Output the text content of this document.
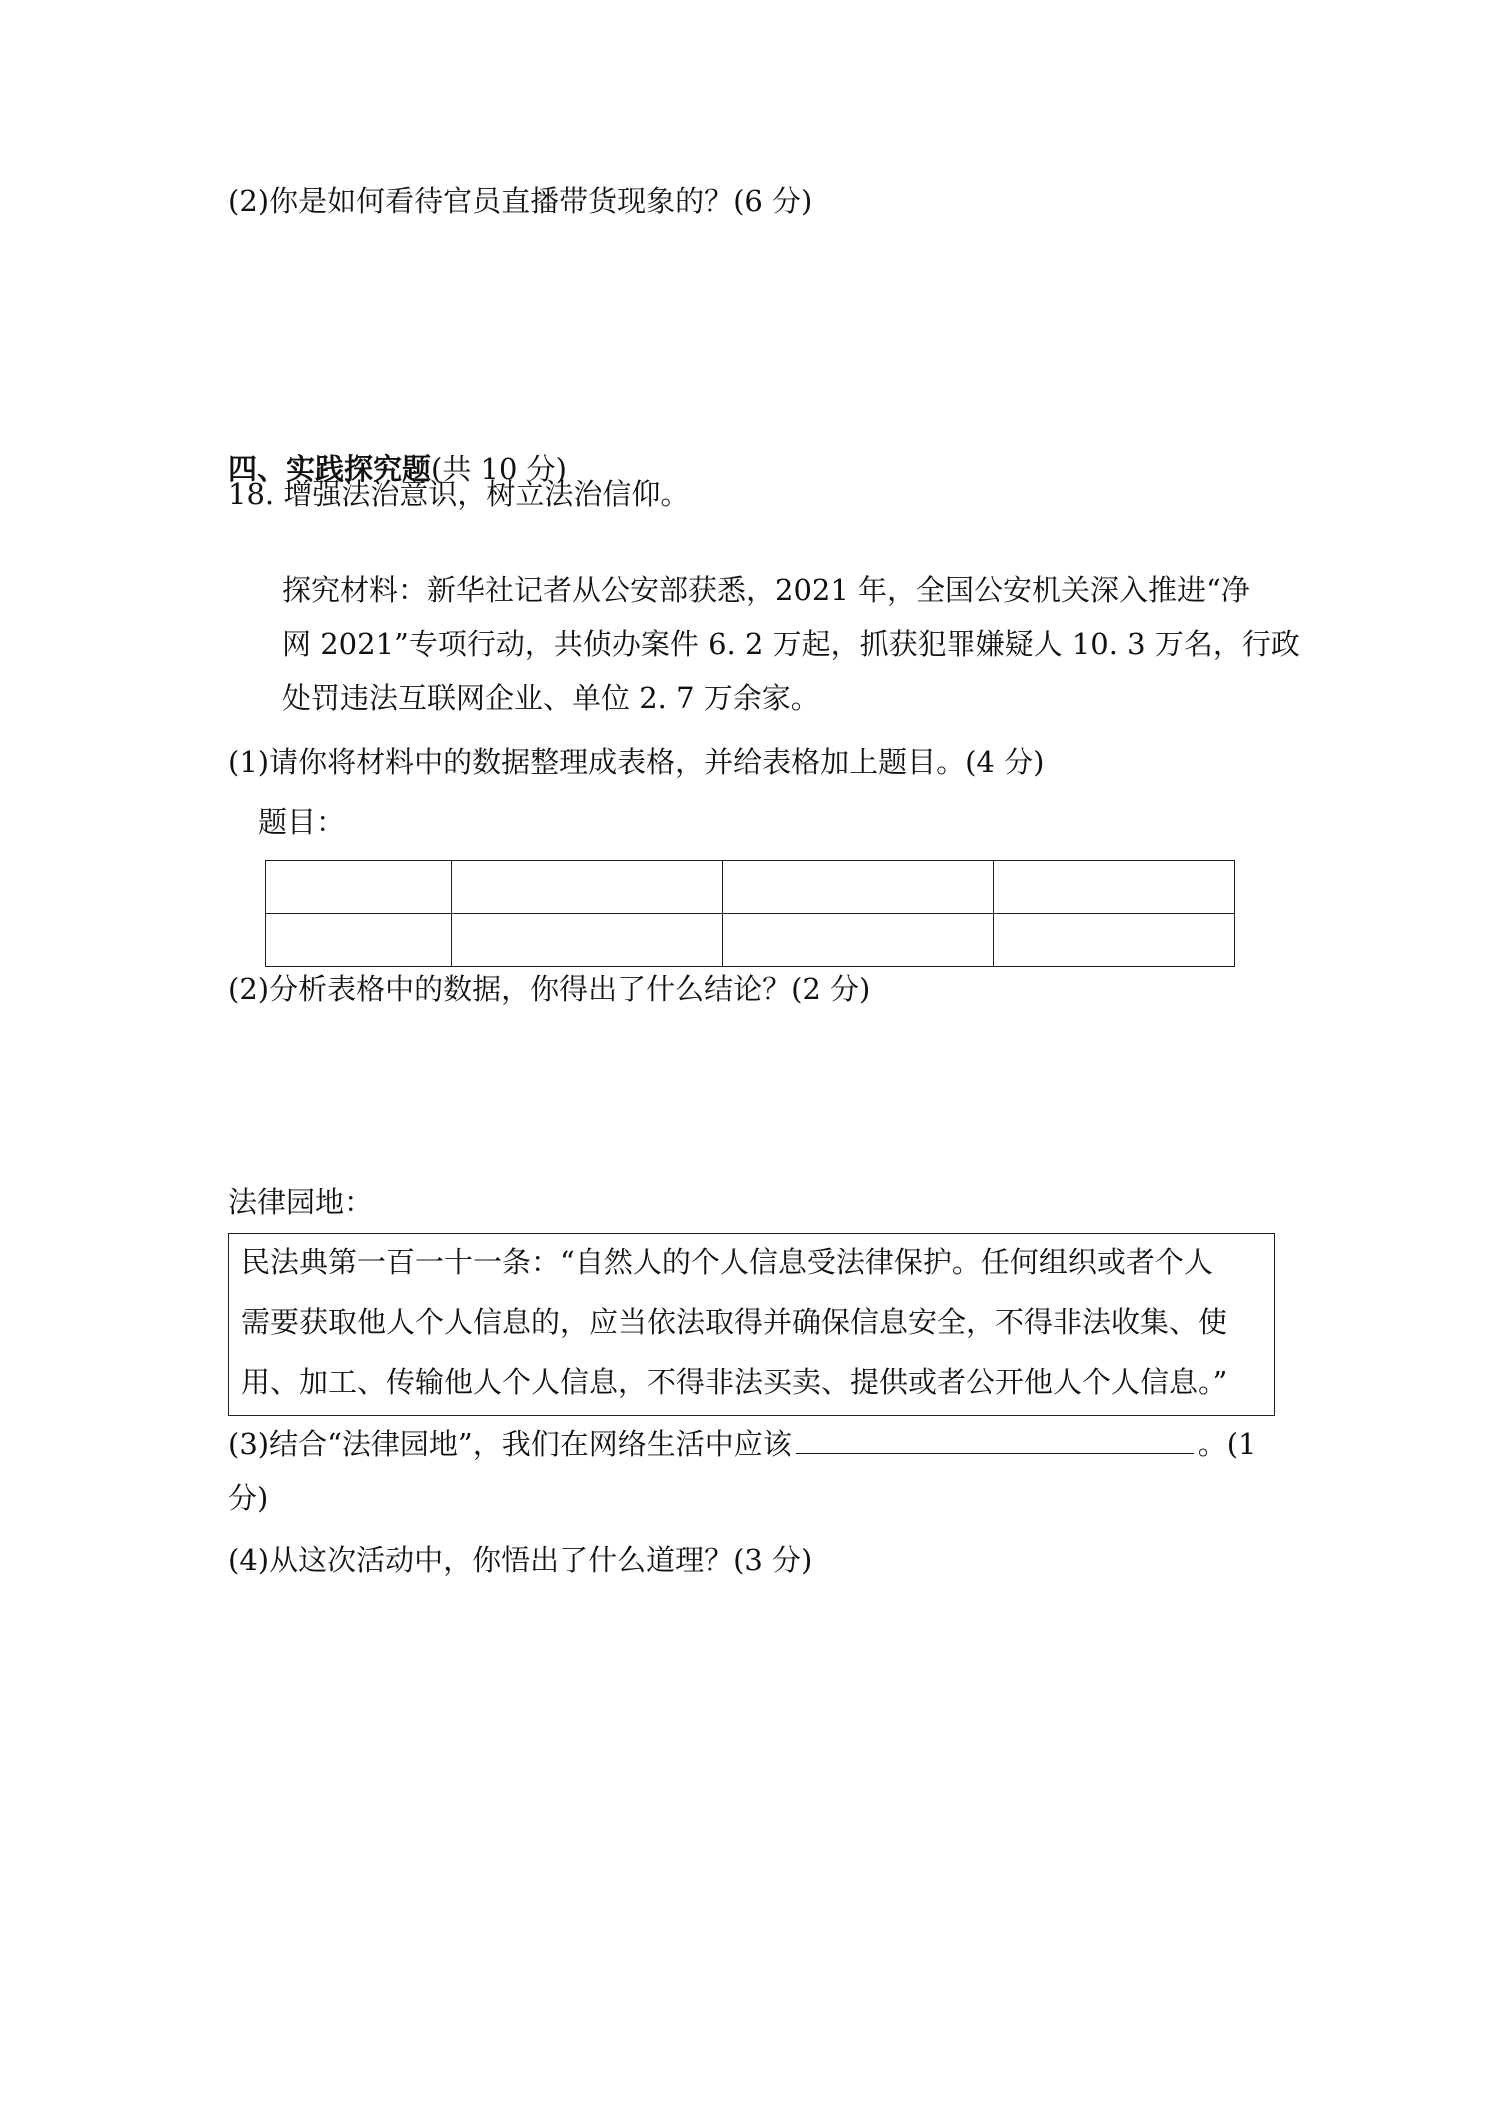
(2)你是如何看待官员直播带货现象的？(6 分)
四、实践探究题(共 10 分)
18. 增强法治意识，树立法治信仰。
探究材料：新华社记者从公安部获悉，2021 年，全国公安机关深入推进“净
网 2021”专项行动，共侦办案件 6. 2 万起，抓获犯罪嫌疑人 10. 3 万名，行政
处罚违法互联网企业、单位 2. 7 万余家。
(1)请你将材料中的数据整理成表格，并给表格加上题目。(4 分)
题目：

(2)分析表格中的数据，你得出了什么结论？(2 分)
法律园地：
民法典第一百一十一条：“自然人的个人信息受法律保护。任何组织或者个人
需要获取他人个人信息的，应当依法取得并确保信息安全，不得非法收集、使
用、加工、传输他人个人信息，不得非法买卖、提供或者公开他人个人信息。”
(3)结合“法律园地”，我们在网络生活中应该	。(1
分)
(4)从这次活动中，你悟出了什么道理？(3 分)
